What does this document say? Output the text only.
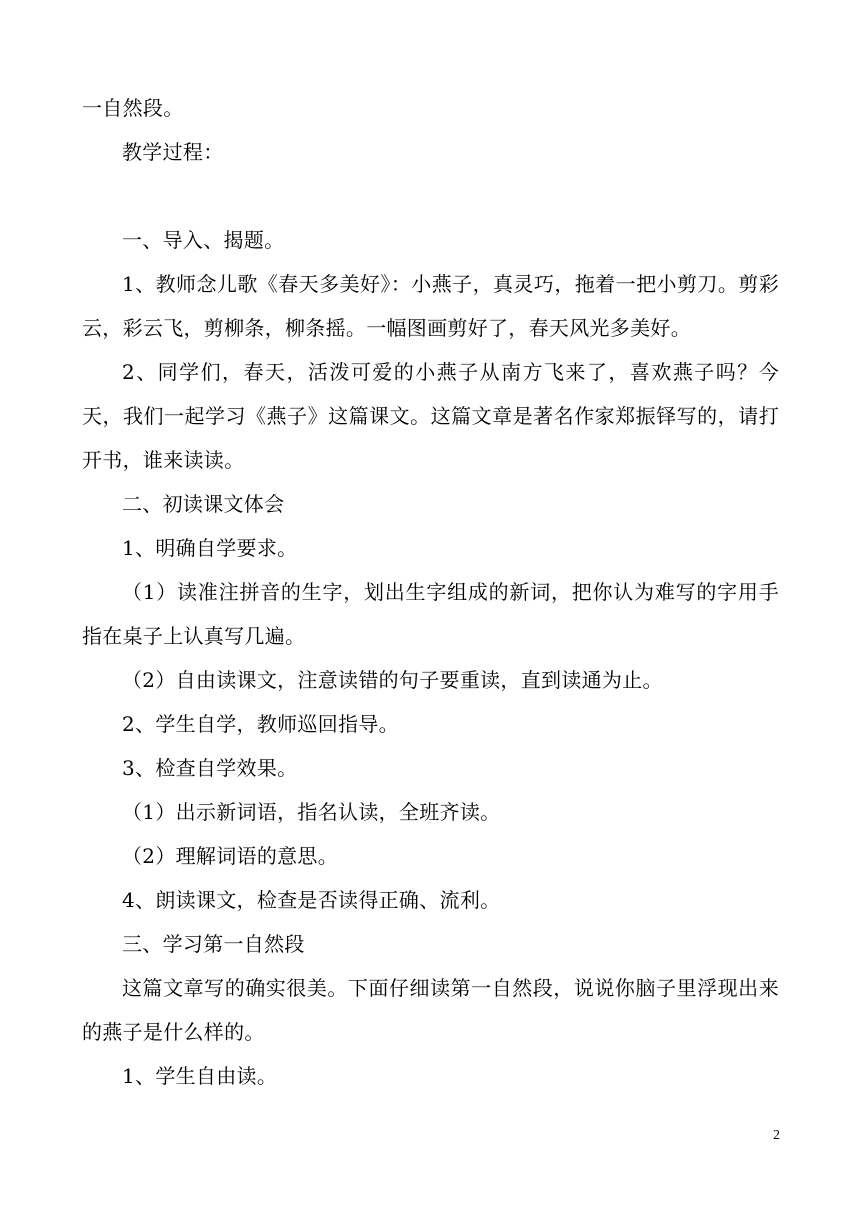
一自然段。

教学过程：

一、导入、揭题。

1、教师念儿歌《春天多美好》：小燕子，真灵巧，拖着一把小剪刀。剪彩云，彩云飞，剪柳条，柳条摇。一幅图画剪好了，春天风光多美好。

2、同学们，春天，活泼可爱的小燕子从南方飞来了，喜欢燕子吗？今天，我们一起学习《燕子》这篇课文。这篇文章是著名作家郑振铎写的，请打开书，谁来读读。

二、初读课文体会

1、明确自学要求。

（1）读准注拼音的生字，划出生字组成的新词，把你认为难写的字用手指在桌子上认真写几遍。

（2）自由读课文，注意读错的句子要重读，直到读通为止。

2、学生自学，教师巡回指导。

3、检查自学效果。

（1）出示新词语，指名认读，全班齐读。

（2）理解词语的意思。

4、朗读课文，检查是否读得正确、流利。

三、学习第一自然段

这篇文章写的确实很美。下面仔细读第一自然段，说说你脑子里浮现出来的燕子是什么样的。

1、学生自由读。

2
